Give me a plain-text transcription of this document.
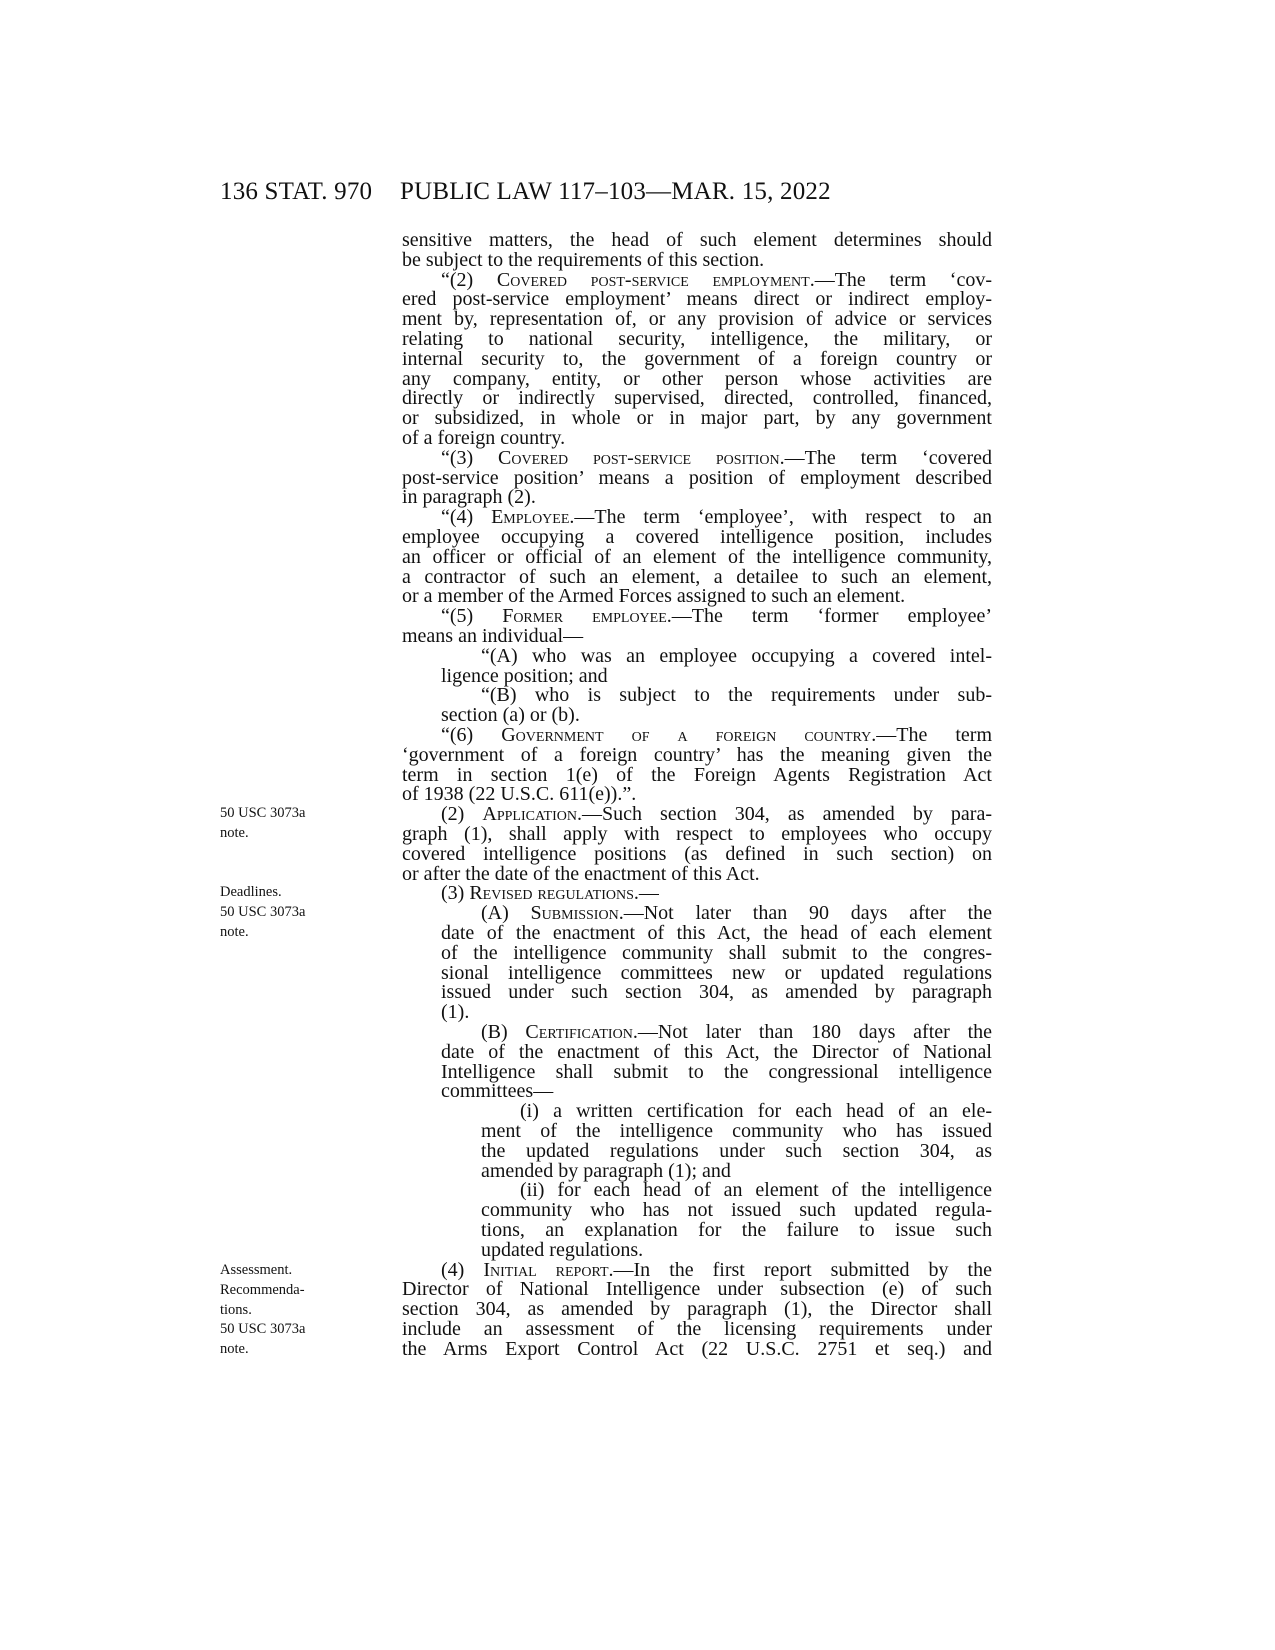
136 STAT. 970 PUBLIC LAW 117–103—MAR. 15, 2022
50 USC 3073a
note.
Deadlines.
50 USC 3073a
note.
Assessment.
Recommenda-
tions.
50 USC 3073a
note.
sensitive matters, the head of such element determines should
be subject to the requirements of this section.
“(2) Covered post-service employment.—The term ‘cov-
ered post-service employment’ means direct or indirect employ-
ment by, representation of, or any provision of advice or services
relating to national security, intelligence, the military, or
internal security to, the government of a foreign country or
any company, entity, or other person whose activities are
directly or indirectly supervised, directed, controlled, financed,
or subsidized, in whole or in major part, by any government
of a foreign country.
“(3) Covered post-service position.—The term ‘covered
post-service position’ means a position of employment described
in paragraph (2).
“(4) Employee.—The term ‘employee’, with respect to an
employee occupying a covered intelligence position, includes
an officer or official of an element of the intelligence community,
a contractor of such an element, a detailee to such an element,
or a member of the Armed Forces assigned to such an element.
“(5) Former employee.—The term ‘former employee’
means an individual—
“(A) who was an employee occupying a covered intel-
ligence position; and
“(B) who is subject to the requirements under sub-
section (a) or (b).
“(6) Government of a foreign country.—The term
‘government of a foreign country’ has the meaning given the
term in section 1(e) of the Foreign Agents Registration Act
of 1938 (22 U.S.C. 611(e)).”.
(2) Application.—Such section 304, as amended by para-
graph (1), shall apply with respect to employees who occupy
covered intelligence positions (as defined in such section) on
or after the date of the enactment of this Act.
(3) Revised regulations.—
(A) Submission.—Not later than 90 days after the
date of the enactment of this Act, the head of each element
of the intelligence community shall submit to the congres-
sional intelligence committees new or updated regulations
issued under such section 304, as amended by paragraph
(1).
(B) Certification.—Not later than 180 days after the
date of the enactment of this Act, the Director of National
Intelligence shall submit to the congressional intelligence
committees—
(i) a written certification for each head of an ele-
ment of the intelligence community who has issued
the updated regulations under such section 304, as
amended by paragraph (1); and
(ii) for each head of an element of the intelligence
community who has not issued such updated regula-
tions, an explanation for the failure to issue such
updated regulations.
(4) Initial report.—In the first report submitted by the
Director of National Intelligence under subsection (e) of such
section 304, as amended by paragraph (1), the Director shall
include an assessment of the licensing requirements under
the Arms Export Control Act (22 U.S.C. 2751 et seq.) and
